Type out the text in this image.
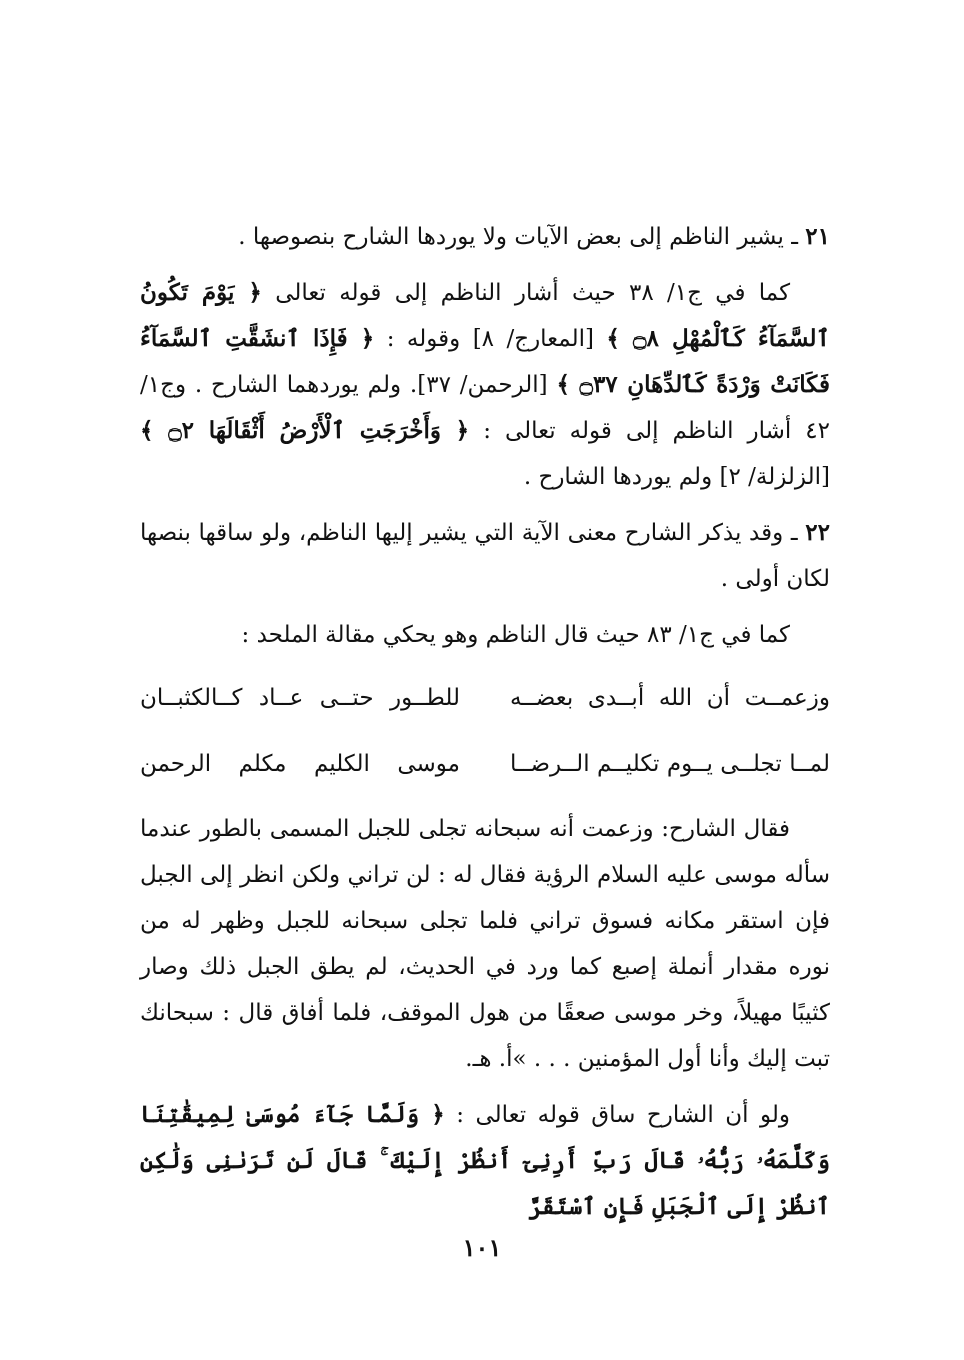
٢١ ـ يشير الناظم إلى بعض الآيات ولا يوردها الشارح بنصوصها .

كما في ج١/ ٣٨ حيث أشار الناظم إلى قوله تعالى ﴿ يَوْمَ تَكُونُ ٱلسَّمَآءُ كَٱلْمُهْلِ ۝٨ ﴾ [المعارج/ ٨] وقوله : ﴿ فَإِذَا ٱنشَقَّتِ ٱلسَّمَآءُ فَكَانَتْ وَرْدَةً كَٱلدِّهَانِ ۝٣٧ ﴾ [الرحمن/ ٣٧]. ولم يوردهما الشارح . وج١/ ٤٢ أشار الناظم إلى قوله تعالى : ﴿ وَأَخْرَجَتِ ٱلْأَرْضُ أَثْقَالَهَا ۝٢ ﴾ [الزلزلة/ ٢] ولم يوردها الشارح .

٢٢ ـ وقد يذكر الشارح معنى الآية التي يشير إليها الناظم، ولو ساقها بنصها لكان أولى .

كما في ج١/ ٨٣ حيث قال الناظم وهو يحكي مقالة الملحد :

وزعمــت أن الله أبــدى بعضــه
للطــور حتــى عــاد كــالكثبــان
لمــا تجلــى يــوم تكليــم الــرضــا
موسى الكليم مكلم الرحمن

فقال الشارح: وزعمت أنه سبحانه تجلى للجبل المسمى بالطور عندما سأله موسى عليه السلام الرؤية فقال له : لن تراني ولكن انظر إلى الجبل فإن استقر مكانه فسوق تراني فلما تجلى سبحانه للجبل وظهر له من نوره مقدار أنملة إصبع كما ورد في الحديث، لم يطق الجبل ذلك وصار كثيبًا مهيلاً، وخر موسى صعقًا من هول الموقف، فلما أفاق قال : سبحانك تبت إليك وأنا أول المؤمنين . . . »أ. هـ.

ولو أن الشارح ساق قوله تعالى : ﴿ وَلَمَّا جَآءَ مُوسَىٰ لِمِيقَٰتِنَا وَكَلَّمَهُۥ رَبُّهُۥ قَالَ رَبِّ أَرِنِىٓ أَنظُرْ إِلَيْكَ ۚ قَالَ لَن تَرَىٰنِى وَلَٰكِنِ ٱنظُرْ إِلَى ٱلْجَبَلِ فَإِنِ ٱسْتَقَرَّ

١٠١
